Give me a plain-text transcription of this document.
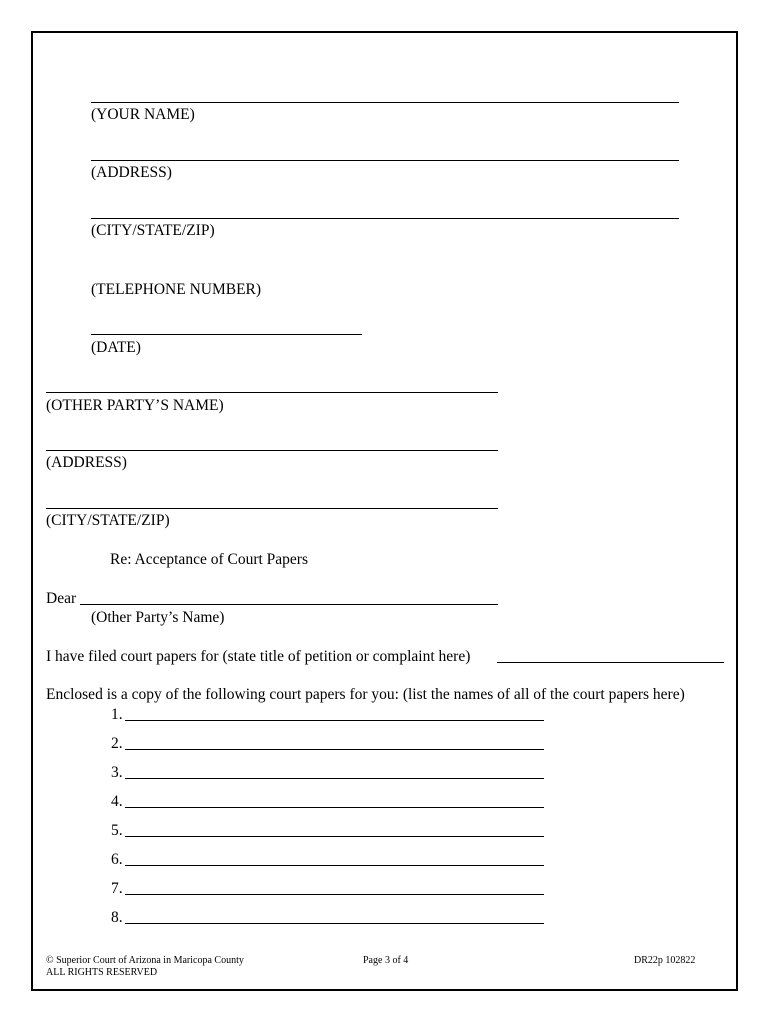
(YOUR NAME)
(ADDRESS)
(CITY/STATE/ZIP)
(TELEPHONE NUMBER)
(DATE)
(OTHER PARTY’S NAME)
(ADDRESS)
(CITY/STATE/ZIP)
Re: Acceptance of Court Papers
Dear
(Other Party’s Name)
I have filed court papers for (state title of petition or complaint here)
Enclosed is a copy of the following court papers for you: (list the names of all of the court papers here)
1.
2.
3.
4.
5.
6.
7.
8.
© Superior Court of Arizona in Maricopa County
ALL RIGHTS RESERVED
Page 3 of 4	DR22p 102822
